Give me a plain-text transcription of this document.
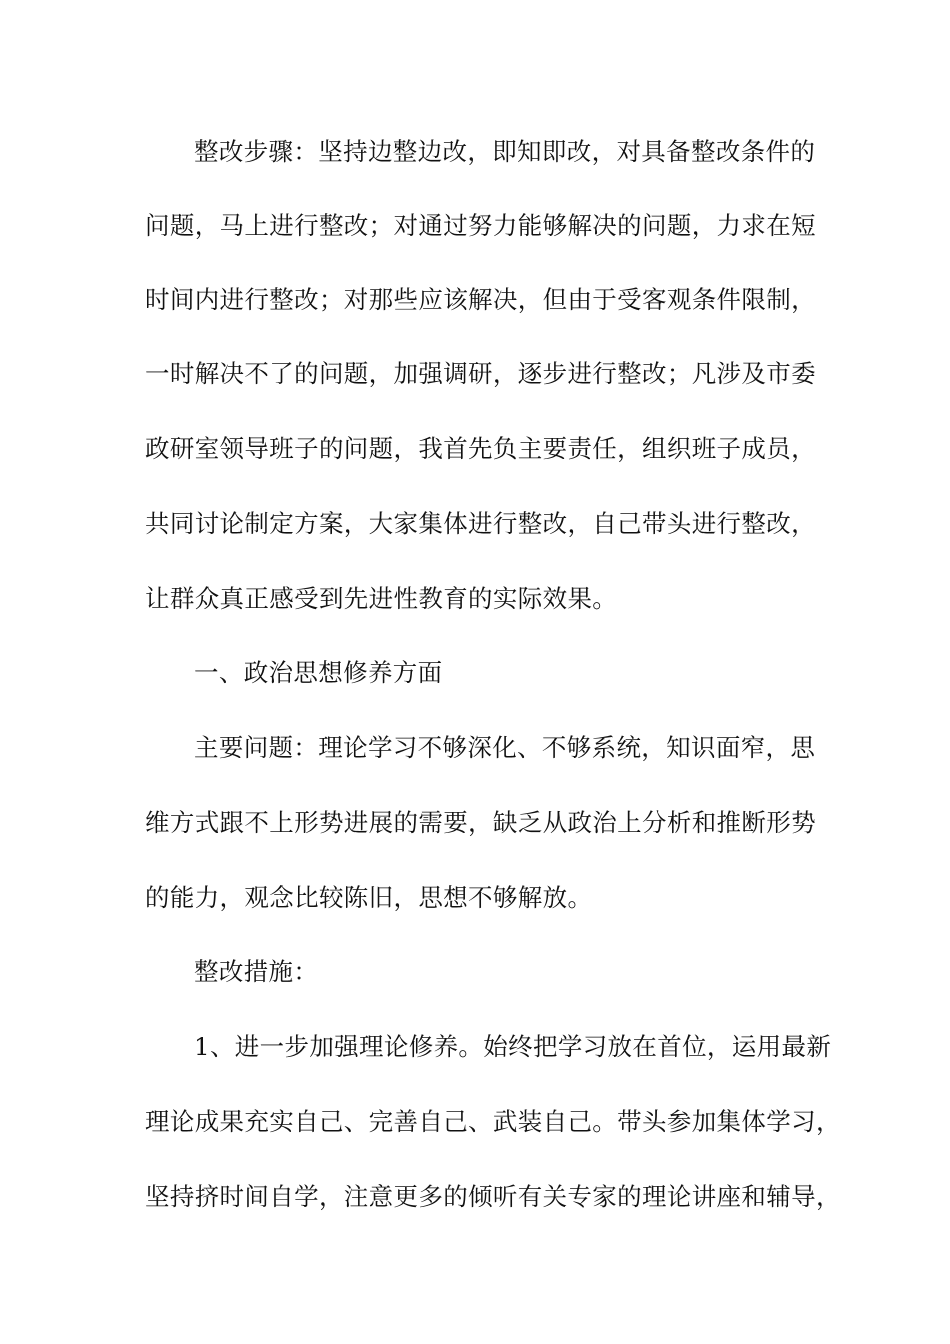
整改步骤：坚持边整边改，即知即改，对具备整改条件的
问题，马上进行整改；对通过努力能够解决的问题，力求在短
时间内进行整改；对那些应该解决，但由于受客观条件限制，
一时解决不了的问题，加强调研，逐步进行整改；凡涉及市委
政研室领导班子的问题，我首先负主要责任，组织班子成员，
共同讨论制定方案，大家集体进行整改，自己带头进行整改，
让群众真正感受到先进性教育的实际效果。
一、政治思想修养方面
主要问题：理论学习不够深化、不够系统，知识面窄，思
维方式跟不上形势进展的需要，缺乏从政治上分析和推断形势
的能力，观念比较陈旧，思想不够解放。
整改措施：
1、进一步加强理论修养。始终把学习放在首位，运用最新
理论成果充实自己、完善自己、武装自己。带头参加集体学习，
坚持挤时间自学，注意更多的倾听有关专家的理论讲座和辅导，
